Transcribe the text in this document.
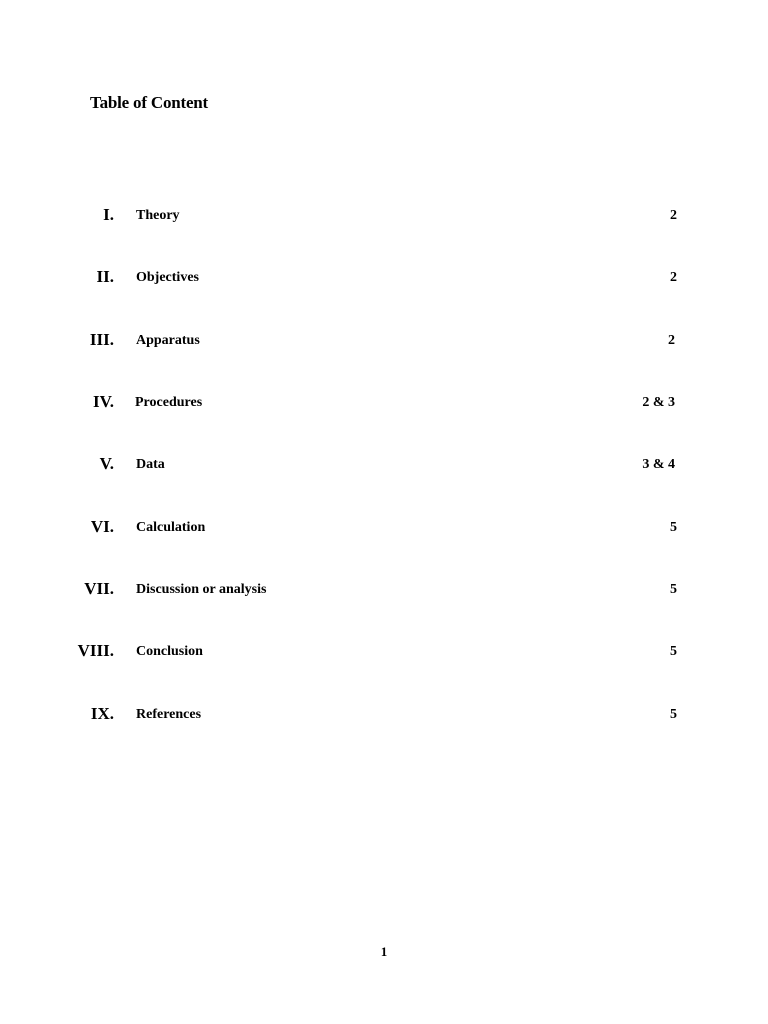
Table of Content
I. Theory	2
II. Objectives	2
III. Apparatus	2
IV. Procedures	2 & 3
V. Data	3 & 4
VI. Calculation	5
VII. Discussion or analysis	5
VIII. Conclusion	5
IX. References	5
1
